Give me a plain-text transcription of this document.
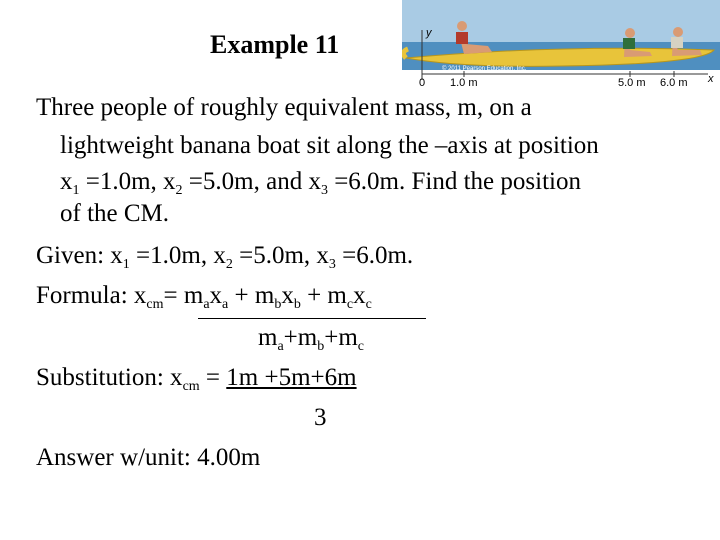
Example 11	y
x
0 1.0 m	5.0 m 6.0 m
© 2011 Pearson Education, Inc.
Three people of roughly equivalent mass, m, on a
lightweight banana boat sit along the –axis at position
$x_1 =1.0m$, $x_2 =5.0m$, and $x_3 =6.0m$. Find the position
of the CM.
Given: $x_1 =1.0m$, $x_2 =5.0m$, $x_3 =6.0m$.
Formula: $x_{cm}= m_ax_a + m_bx_b + m_cx_c$
$m_a+m_b+m_c$
Substitution: $x_{cm} = 1m +5m+6m$
3
Answer w/unit: 4.00m
